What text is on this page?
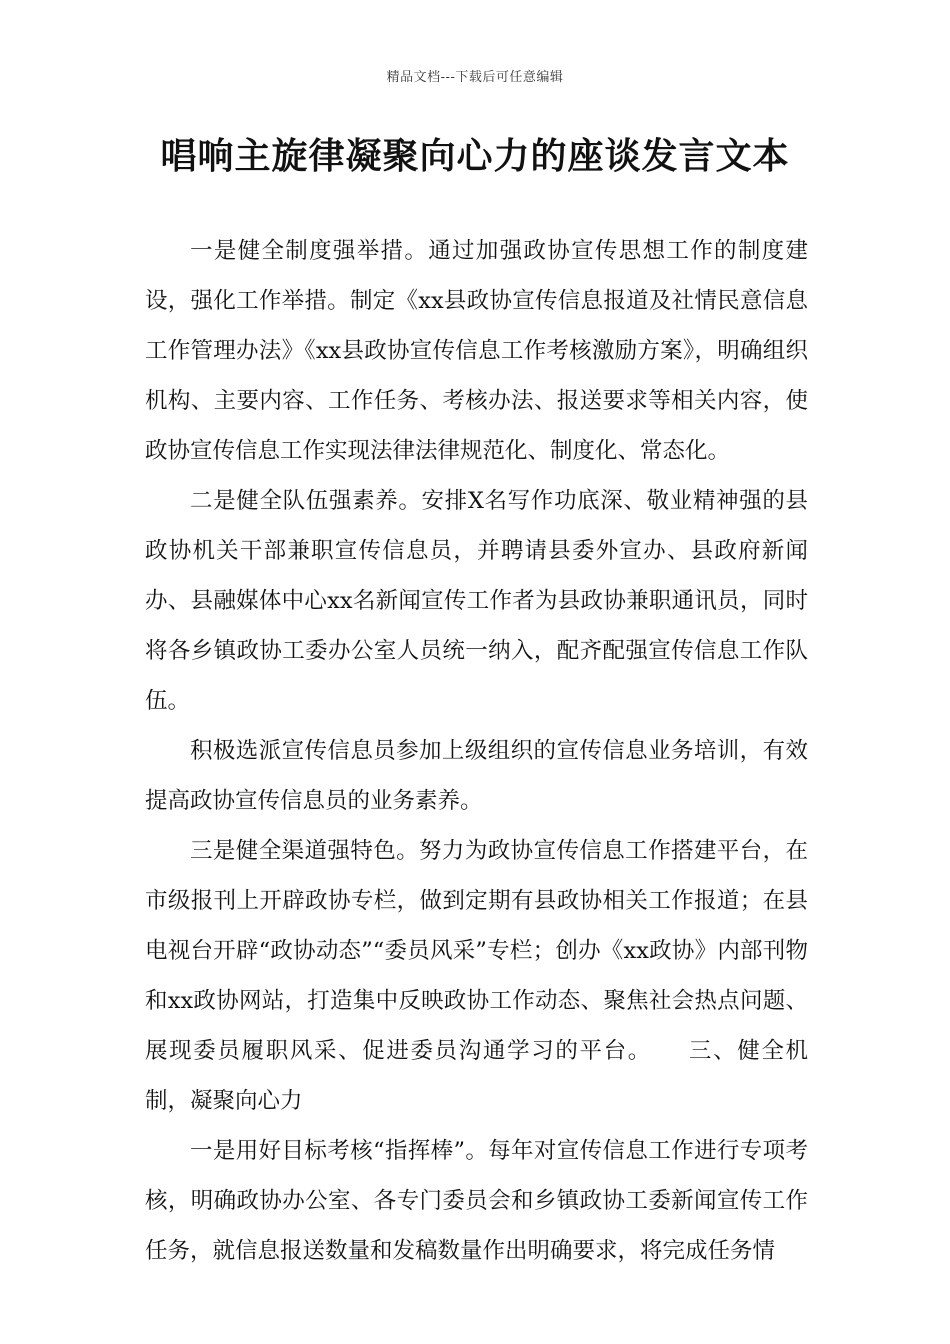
精品文档---下载后可任意编辑
唱响主旋律凝聚向心力的座谈发言文本

一是健全制度强举措。通过加强政协宣传思想工作的制度建设，强化工作举措。制定《xx县政协宣传信息报道及社情民意信息工作管理办法》《xx县政协宣传信息工作考核激励方案》，明确组织机构、主要内容、工作任务、考核办法、报送要求等相关内容，使政协宣传信息工作实现法律法律规范化、制度化、常态化。

二是健全队伍强素养。安排X名写作功底深、敬业精神强的县政协机关干部兼职宣传信息员，并聘请县委外宣办、县政府新闻办、县融媒体中心xx名新闻宣传工作者为县政协兼职通讯员，同时将各乡镇政协工委办公室人员统一纳入，配齐配强宣传信息工作队伍。

积极选派宣传信息员参加上级组织的宣传信息业务培训，有效提高政协宣传信息员的业务素养。

三是健全渠道强特色。努力为政协宣传信息工作搭建平台，在市级报刊上开辟政协专栏，做到定期有县政协相关工作报道；在县电视台开辟“政协动态”“委员风采”专栏；创办《xx政协》内部刊物和xx政协网站，打造集中反映政协工作动态、聚焦社会热点问题、展现委员履职风采、促进委员沟通学习的平台。　　三、健全机制，凝聚向心力

一是用好目标考核“指挥棒”。每年对宣传信息工作进行专项考核，明确政协办公室、各专门委员会和乡镇政协工委新闻宣传工作任务，就信息报送数量和发稿数量作出明确要求，将完成任务情
